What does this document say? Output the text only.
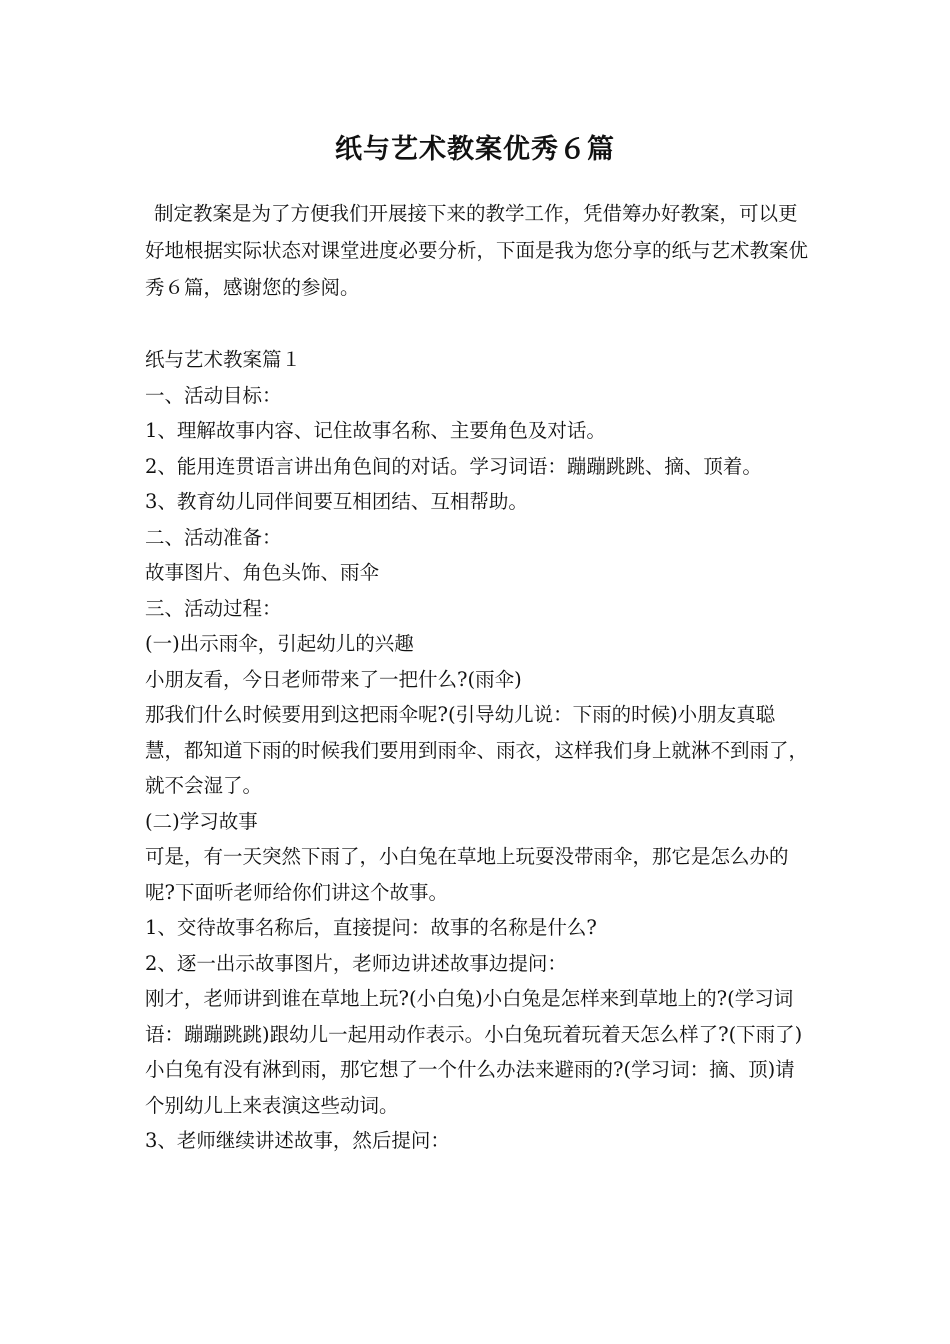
纸与艺术教案优秀６篇

制定教案是为了方便我们开展接下来的教学工作，凭借筹办好教案，可以更好地根据实际状态对课堂进度必要分析，下面是我为您分享的纸与艺术教案优秀６篇，感谢您的参阅。

纸与艺术教案篇１

一、活动目标：

1、理解故事内容、记住故事名称、主要角色及对话。

2、能用连贯语言讲出角色间的对话。学习词语：蹦蹦跳跳、摘、顶着。

3、教育幼儿同伴间要互相团结、互相帮助。

二、活动准备：

故事图片、角色头饰、雨伞

三、活动过程：

(一)出示雨伞，引起幼儿的兴趣

小朋友看，今日老师带来了一把什么?(雨伞)

那我们什么时候要用到这把雨伞呢?(引导幼儿说：下雨的时候)小朋友真聪慧，都知道下雨的时候我们要用到雨伞、雨衣，这样我们身上就淋不到雨了，就不会湿了。

(二)学习故事

可是，有一天突然下雨了，小白兔在草地上玩耍没带雨伞，那它是怎么办的呢?下面听老师给你们讲这个故事。

1、交待故事名称后，直接提问：故事的名称是什么?

2、逐一出示故事图片，老师边讲述故事边提问：

刚才，老师讲到谁在草地上玩?(小白兔)小白兔是怎样来到草地上的?(学习词语：蹦蹦跳跳)跟幼儿一起用动作表示。小白兔玩着玩着天怎么样了?(下雨了)小白兔有没有淋到雨，那它想了一个什么办法来避雨的?(学习词：摘、顶)请个别幼儿上来表演这些动词。

3、老师继续讲述故事，然后提问：
